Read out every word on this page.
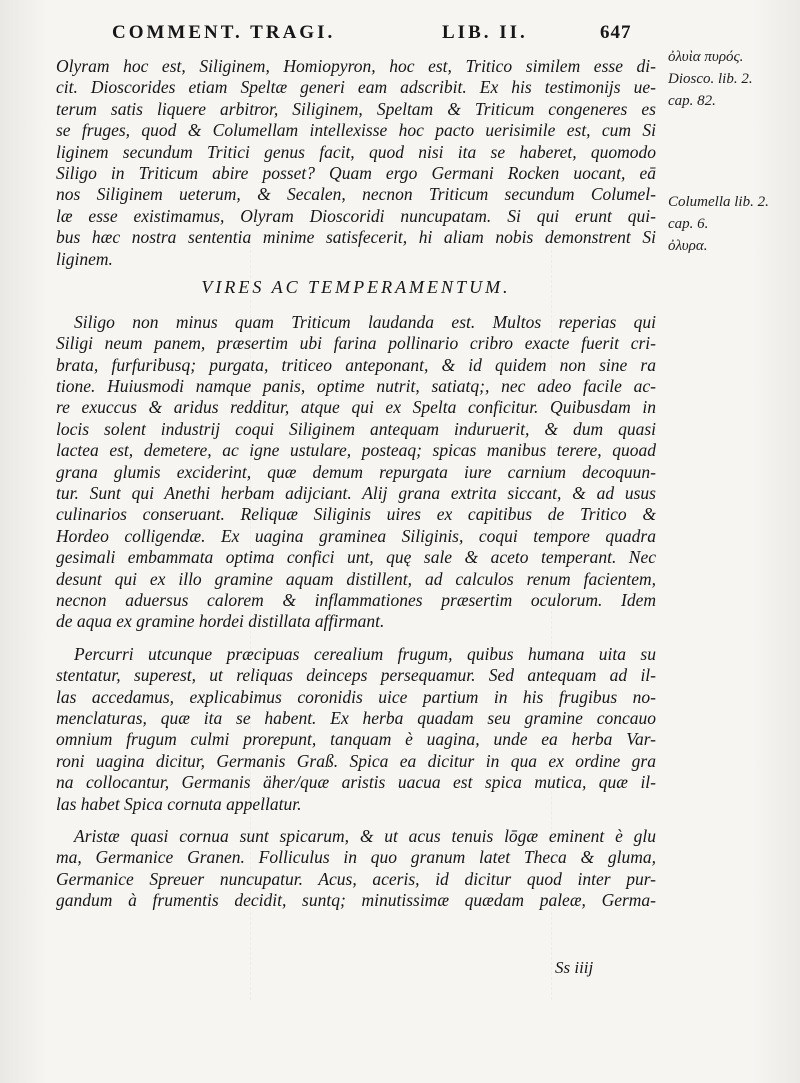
COMMENT. TRAGI.	LIB. II.	647
ὀλυὶα πυρός.
Diosco. lib. 2.
cap. 82.
Columella lib. 2.
cap. 6.
ὀλυρα.
Olyram hoc est, Siliginem, Homiopyron, hoc est, Tritico similem esse di-
cit. Dioscorides etiam Speltæ generi eam adscribit. Ex his testimonijs ue-
terum satis liquere arbitror, Siliginem, Speltam & Triticum congeneres es
se fruges, quod & Columellam intellexisse hoc pacto uerisimile est, cum Si
liginem secundum Tritici genus facit, quod nisi ita se haberet, quomodo
Siligo in Triticum abire posset? Quam ergo Germani Rocken uocant, eā
nos Siliginem ueterum, & Secalen, necnon Triticum secundum Columel-
læ esse existimamus, Olyram Dioscoridi nuncupatam. Si qui erunt qui-
bus hæc nostra sententia minime satisfecerit, hi aliam nobis demonstrent Si
liginem.
VIRES AC TEMPERAMENTUM.
Siligo non minus quam Triticum laudanda est. Multos reperias qui
Siligi neum panem, præsertim ubi farina pollinario cribro exacte fuerit cri-
brata, furfuribusq; purgata, triticeo anteponant, & id quidem non sine ra
tione. Huiusmodi namque panis, optime nutrit, satiatq;, nec adeo facile ac-
re exuccus & aridus redditur, atque qui ex Spelta conficitur. Quibusdam in
locis solent industrij coqui Siliginem antequam induruerit, & dum quasi
lactea est, demetere, ac igne ustulare, posteaq; spicas manibus terere, quoad
grana glumis exciderint, quæ demum repurgata iure carnium decoquun-
tur. Sunt qui Anethi herbam adijciant. Alij grana extrita siccant, & ad usus
culinarios conseruant. Reliquæ Siliginis uires ex capitibus de Tritico &
Hordeo colligendæ. Ex uagina graminea Siliginis, coqui tempore quadra
gesimali embammata optima confici unt, quę sale & aceto temperant. Nec
desunt qui ex illo gramine aquam distillent, ad calculos renum facientem,
necnon aduersus calorem & inflammationes præsertim oculorum. Idem
de aqua ex gramine hordei distillata affirmant.
Percurri utcunque præcipuas cerealium frugum, quibus humana uita su
stentatur, superest, ut reliquas deinceps persequamur. Sed antequam ad il-
las accedamus, explicabimus coronidis uice partium in his frugibus no-
menclaturas, quæ ita se habent. Ex herba quadam seu gramine concauo
omnium frugum culmi prorepunt, tanquam è uagina, unde ea herba Var-
roni uagina dicitur, Germanis Graß. Spica ea dicitur in qua ex ordine gra
na collocantur, Germanis äher/quæ aristis uacua est spica mutica, quæ il-
las habet Spica cornuta appellatur.
Aristæ quasi cornua sunt spicarum, & ut acus tenuis lōgæ eminent è glu
ma, Germanice Granen. Folliculus in quo granum latet Theca & gluma,
Germanice Spreuer nuncupatur. Acus, aceris, id dicitur quod inter pur-
gandum à frumentis decidit, suntq; minutissimæ quædam paleæ, Germa-
Ss iiij
